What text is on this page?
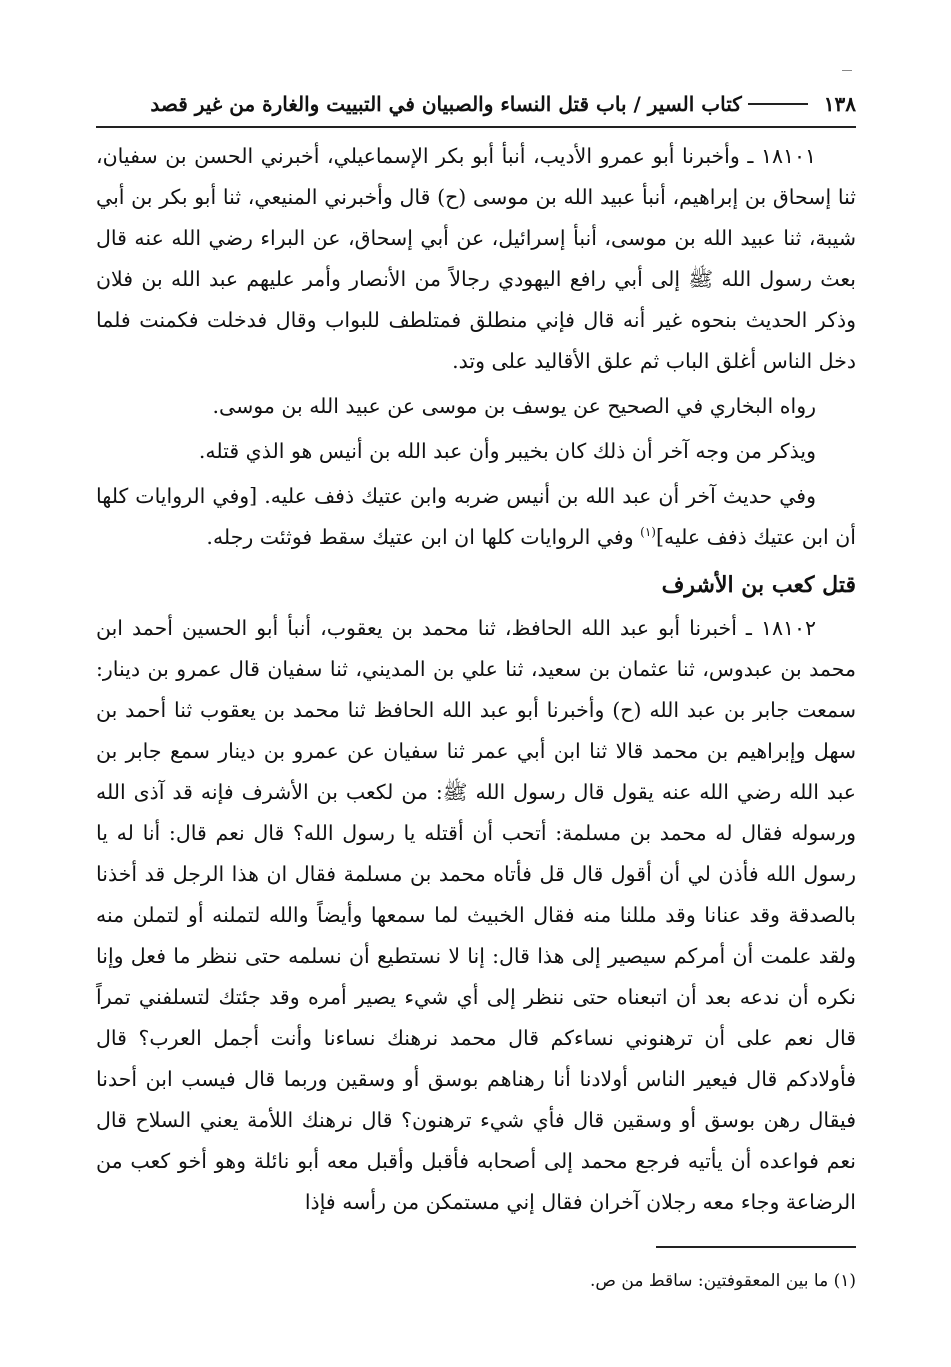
١٣٨
كتاب السير / باب قتل النساء والصبيان في التبييت والغارة من غير قصد

١٨١٠١ ـ وأخبرنا أبو عمرو الأديب، أنبأ أبو بكر الإسماعيلي، أخبرني الحسن بن سفيان، ثنا إسحاق بن إبراهيم، أنبأ عبيد الله بن موسى (ح) قال وأخبرني المنيعي، ثنا أبو بكر بن أبي شيبة، ثنا عبيد الله بن موسى، أنبأ إسرائيل، عن أبي إسحاق، عن البراء رضي الله عنه قال بعث رسول الله ﷺ إلى أبي رافع اليهودي رجالاً من الأنصار وأمر عليهم عبد الله بن فلان وذكر الحديث بنحوه غير أنه قال فإني منطلق فمتلطف للبواب وقال فدخلت فكمنت فلما دخل الناس أغلق الباب ثم علق الأقاليد على وتد.

رواه البخاري في الصحيح عن يوسف بن موسى عن عبيد الله بن موسى.

ويذكر من وجه آخر أن ذلك كان بخيبر وأن عبد الله بن أنيس هو الذي قتله.

وفي حديث آخر أن عبد الله بن أنيس ضربه وابن عتيك ذفف عليه. [وفي الروايات كلها أن ابن عتيك ذفف عليه]$^{(١)}$ وفي الروايات كلها ان ابن عتيك سقط فوثئت رجله.

قتل كعب بن الأشرف

١٨١٠٢ ـ أخبرنا أبو عبد الله الحافظ، ثنا محمد بن يعقوب، أنبأ أبو الحسين أحمد ابن محمد بن عبدوس، ثنا عثمان بن سعيد، ثنا علي بن المديني، ثنا سفيان قال عمرو بن دينار: سمعت جابر بن عبد الله (ح) وأخبرنا أبو عبد الله الحافظ ثنا محمد بن يعقوب ثنا أحمد بن سهل وإبراهيم بن محمد قالا ثنا ابن أبي عمر ثنا سفيان عن عمرو بن دينار سمع جابر بن عبد الله رضي الله عنه يقول قال رسول الله ﷺ: من لكعب بن الأشرف فإنه قد آذى الله ورسوله فقال له محمد بن مسلمة: أتحب أن أقتله يا رسول الله؟ قال نعم قال: أنا له يا رسول الله فأذن لي أن أقول قال قل فأتاه محمد بن مسلمة فقال ان هذا الرجل قد أخذنا بالصدقة وقد عنانا وقد مللنا منه فقال الخبيث لما سمعها وأيضاً والله لتملنه أو لتملن منه ولقد علمت أن أمركم سيصير إلى هذا قال: إنا لا نستطيع أن نسلمه حتى ننظر ما فعل وإنا نكره أن ندعه بعد أن اتبعناه حتى ننظر إلى أي شيء يصير أمره وقد جئتك لتسلفني تمراً قال نعم على أن ترهنوني نساءكم قال محمد نرهنك نساءنا وأنت أجمل العرب؟ قال فأولادكم قال فيعير الناس أولادنا أنا رهناهم بوسق أو وسقين وربما قال فيسب ابن أحدنا فيقال رهن بوسق أو وسقين قال فأي شيء ترهنون؟ قال نرهنك اللأمة يعني السلاح قال نعم فواعده أن يأتيه فرجع محمد إلى أصحابه فأقبل وأقبل معه أبو نائلة وهو أخو كعب من الرضاعة وجاء معه رجلان آخران فقال إني مستمكن من رأسه فإذا

(١) ما بين المعقوفتين: ساقط من ص.
